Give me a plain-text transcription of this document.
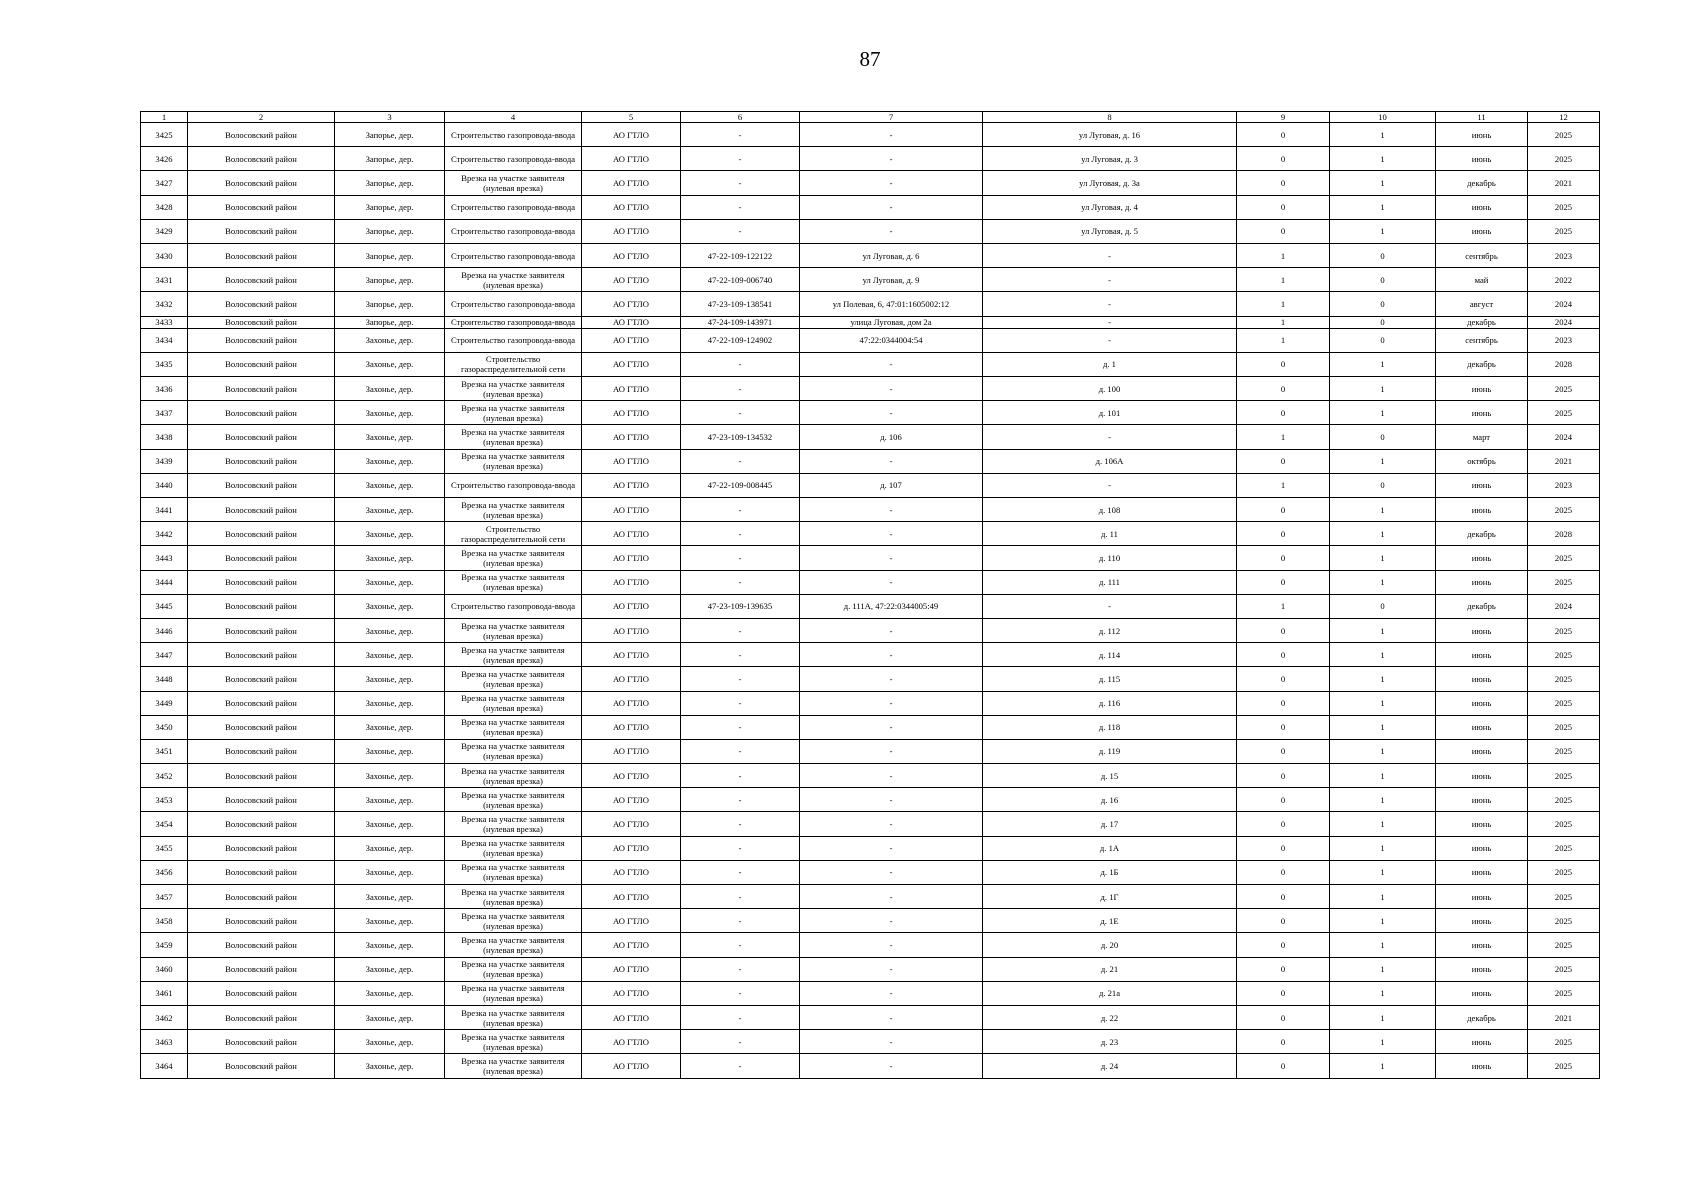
87
1	2	3	4	5	6	7	8	9	10	11	12
3425	Волосовский район	Запорье, дер.	Строительство газопровода-ввода	АО ГТЛО	-	-	ул Луговая, д. 16	0	1	июнь	2025
3426	Волосовский район	Запорье, дер.	Строительство газопровода-ввода	АО ГТЛО	-	-	ул Луговая, д. 3	0	1	июнь	2025
3427	Волосовский район	Запорье, дер.	Врезка на участке заявителя (нулевая врезка)	АО ГТЛО	-	-	ул Луговая, д. 3а	0	1	декабрь	2021
3428	Волосовский район	Запорье, дер.	Строительство газопровода-ввода	АО ГТЛО	-	-	ул Луговая, д. 4	0	1	июнь	2025
3429	Волосовский район	Запорье, дер.	Строительство газопровода-ввода	АО ГТЛО	-	-	ул Луговая, д. 5	0	1	июнь	2025
3430	Волосовский район	Запорье, дер.	Строительство газопровода-ввода	АО ГТЛО	47-22-109-122122	ул Луговая, д. 6	-	1	0	сентябрь	2023
3431	Волосовский район	Запорье, дер.	Врезка на участке заявителя (нулевая врезка)	АО ГТЛО	47-22-109-006740	ул Луговая, д. 9	-	1	0	май	2022
3432	Волосовский район	Запорье, дер.	Строительство газопровода-ввода	АО ГТЛО	47-23-109-138541	ул Полевая, 6, 47:01:1605002:12	-	1	0	август	2024
3433	Волосовский район	Запорье, дер.	Строительство газопровода-ввода	АО ГТЛО	47-24-109-143971	улица Луговая, дом 2а	-	1	0	декабрь	2024
3434	Волосовский район	Захонье, дер.	Строительство газопровода-ввода	АО ГТЛО	47-22-109-124902	47:22:0344004:54	-	1	0	сентябрь	2023
3435	Волосовский район	Захонье, дер.	Строительство газораспределительной сети	АО ГТЛО	-	-	д. 1	0	1	декабрь	2028
3436	Волосовский район	Захонье, дер.	Врезка на участке заявителя (нулевая врезка)	АО ГТЛО	-	-	д. 100	0	1	июнь	2025
3437	Волосовский район	Захонье, дер.	Врезка на участке заявителя (нулевая врезка)	АО ГТЛО	-	-	д. 101	0	1	июнь	2025
3438	Волосовский район	Захонье, дер.	Врезка на участке заявителя (нулевая врезка)	АО ГТЛО	47-23-109-134532	д. 106	-	1	0	март	2024
3439	Волосовский район	Захонье, дер.	Врезка на участке заявителя (нулевая врезка)	АО ГТЛО	-	-	д. 106А	0	1	октябрь	2021
3440	Волосовский район	Захонье, дер.	Строительство газопровода-ввода	АО ГТЛО	47-22-109-008445	д. 107	-	1	0	июнь	2023
3441	Волосовский район	Захонье, дер.	Врезка на участке заявителя (нулевая врезка)	АО ГТЛО	-	-	д. 108	0	1	июнь	2025
3442	Волосовский район	Захонье, дер.	Строительство газораспределительной сети	АО ГТЛО	-	-	д. 11	0	1	декабрь	2028
3443	Волосовский район	Захонье, дер.	Врезка на участке заявителя (нулевая врезка)	АО ГТЛО	-	-	д. 110	0	1	июнь	2025
3444	Волосовский район	Захонье, дер.	Врезка на участке заявителя (нулевая врезка)	АО ГТЛО	-	-	д. 111	0	1	июнь	2025
3445	Волосовский район	Захонье, дер.	Строительство газопровода-ввода	АО ГТЛО	47-23-109-139635	д. 111А, 47:22:0344005:49	-	1	0	декабрь	2024
3446	Волосовский район	Захонье, дер.	Врезка на участке заявителя (нулевая врезка)	АО ГТЛО	-	-	д. 112	0	1	июнь	2025
3447	Волосовский район	Захонье, дер.	Врезка на участке заявителя (нулевая врезка)	АО ГТЛО	-	-	д. 114	0	1	июнь	2025
3448	Волосовский район	Захонье, дер.	Врезка на участке заявителя (нулевая врезка)	АО ГТЛО	-	-	д. 115	0	1	июнь	2025
3449	Волосовский район	Захонье, дер.	Врезка на участке заявителя (нулевая врезка)	АО ГТЛО	-	-	д. 116	0	1	июнь	2025
3450	Волосовский район	Захонье, дер.	Врезка на участке заявителя (нулевая врезка)	АО ГТЛО	-	-	д. 118	0	1	июнь	2025
3451	Волосовский район	Захонье, дер.	Врезка на участке заявителя (нулевая врезка)	АО ГТЛО	-	-	д. 119	0	1	июнь	2025
3452	Волосовский район	Захонье, дер.	Врезка на участке заявителя (нулевая врезка)	АО ГТЛО	-	-	д. 15	0	1	июнь	2025
3453	Волосовский район	Захонье, дер.	Врезка на участке заявителя (нулевая врезка)	АО ГТЛО	-	-	д. 16	0	1	июнь	2025
3454	Волосовский район	Захонье, дер.	Врезка на участке заявителя (нулевая врезка)	АО ГТЛО	-	-	д. 17	0	1	июнь	2025
3455	Волосовский район	Захонье, дер.	Врезка на участке заявителя (нулевая врезка)	АО ГТЛО	-	-	д. 1А	0	1	июнь	2025
3456	Волосовский район	Захонье, дер.	Врезка на участке заявителя (нулевая врезка)	АО ГТЛО	-	-	д. 1Б	0	1	июнь	2025
3457	Волосовский район	Захонье, дер.	Врезка на участке заявителя (нулевая врезка)	АО ГТЛО	-	-	д. 1Г	0	1	июнь	2025
3458	Волосовский район	Захонье, дер.	Врезка на участке заявителя (нулевая врезка)	АО ГТЛО	-	-	д. 1Е	0	1	июнь	2025
3459	Волосовский район	Захонье, дер.	Врезка на участке заявителя (нулевая врезка)	АО ГТЛО	-	-	д. 20	0	1	июнь	2025
3460	Волосовский район	Захонье, дер.	Врезка на участке заявителя (нулевая врезка)	АО ГТЛО	-	-	д. 21	0	1	июнь	2025
3461	Волосовский район	Захонье, дер.	Врезка на участке заявителя (нулевая врезка)	АО ГТЛО	-	-	д. 21а	0	1	июнь	2025
3462	Волосовский район	Захонье, дер.	Врезка на участке заявителя (нулевая врезка)	АО ГТЛО	-	-	д. 22	0	1	декабрь	2021
3463	Волосовский район	Захонье, дер.	Врезка на участке заявителя (нулевая врезка)	АО ГТЛО	-	-	д. 23	0	1	июнь	2025
3464	Волосовский район	Захонье, дер.	Врезка на участке заявителя (нулевая врезка)	АО ГТЛО	-	-	д. 24	0	1	июнь	2025
